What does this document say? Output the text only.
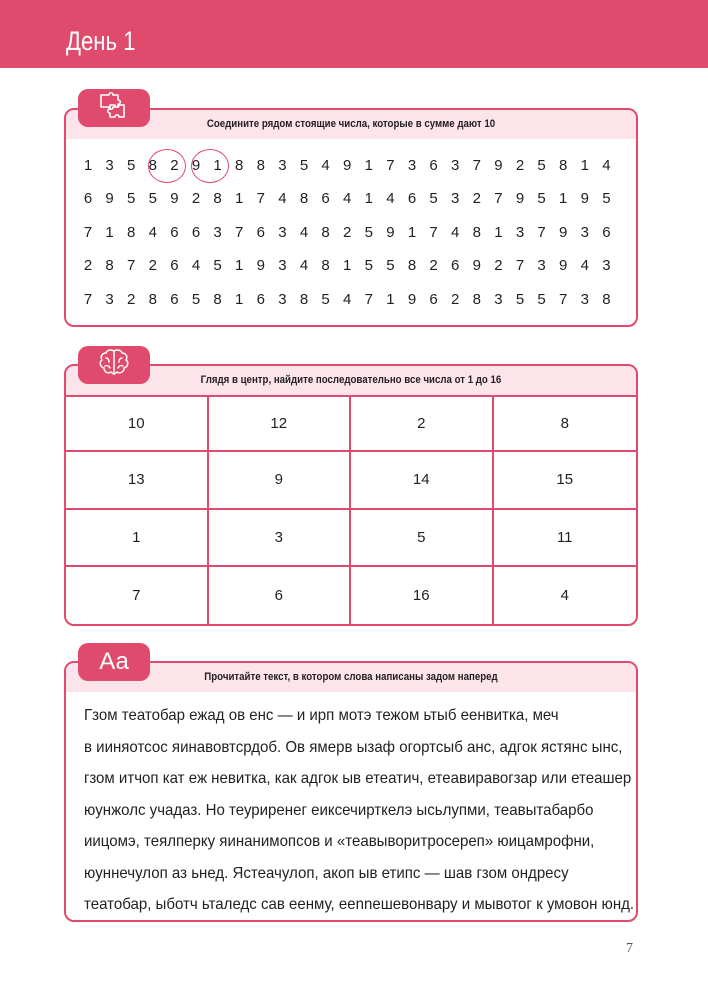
День 1
Соедините рядом стоящие числа, которые в сумме дают 10
1 3 5 8 2 9 1 8 8 3 5 4 9 1 7 3 6 3 7 9 2 5 8 1 4
6 9 5 5 9 2 8 1 7 4 8 6 4 1 4 6 5 3 2 7 9 5 1 9 5
7 1 8 4 6 6 3 7 6 3 4 8 2 5 9 1 7 4 8 1 3 7 9 3 6
2 8 7 2 6 4 5 1 9 3 4 8 1 5 5 8 2 6 9 2 7 3 9 4 3
7 3 2 8 6 5 8 1 6 3 8 5 4 7 1 9 6 2 8 3 5 5 7 3 8
Глядя в центр, найдите последовательно все числа от 1 до 16
10	12	2	8
13	9	14	15
1	3	5	11
7	6	16	4
Прочитайте текст, в котором слова написаны задом наперед
Гзом театобар ежад ов енс — и ирп мотэ тежом ьтыб еенвитка, меч
в ииняотсос яинавовтсрдоб. Ов ямерв ызаф огортсыб анс, адгок ястянс ынс,
гзом итчоп кат еж невитка, как адгок ыв етеатич, етеавиравогзар или етеашер
юунжолс учадаз. Но теуриренег еиксечирткелэ ысьлупми, теавытабарбо
иицомэ, теялперку яинанимопсов и «теавыворитросереп» юицамрофни,
юуннечулоп аз ьнед. Ястеачулоп, акоп ыв етипс — шав гзом ондресу
театобар, ыботч ьталедс сав еенму, еennешевонвару и мывотог к умовон юнд.
Аа
7
